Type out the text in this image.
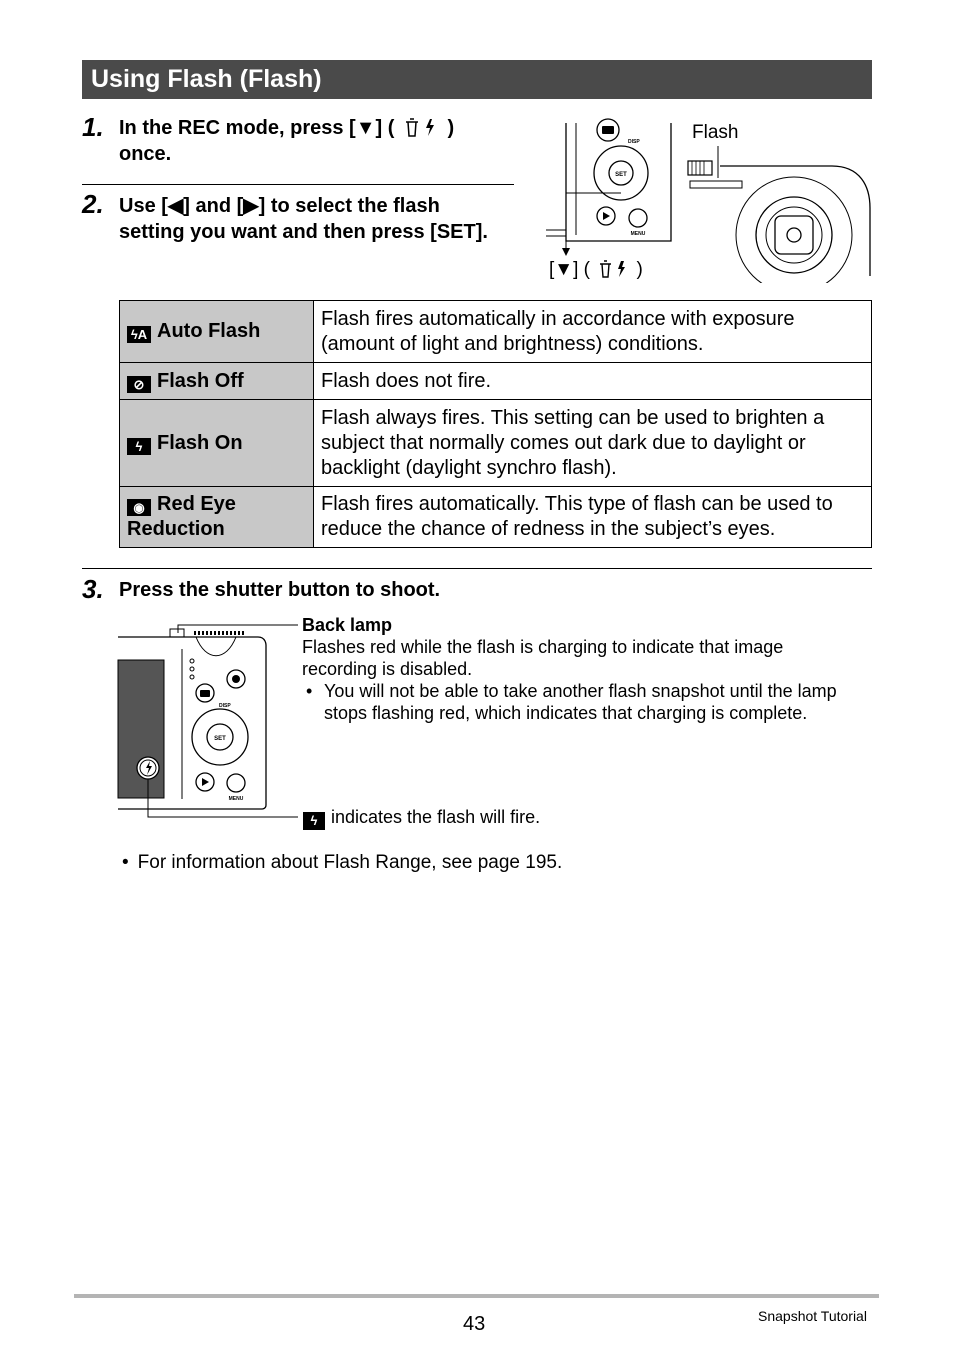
Using Flash (Flash)
1. In the REC mode, press [▼] (	) once.
2. Use [◀] and [▶] to select the flash setting you want and then press [SET].
SET
DISP
MENU
Flash
[▼] ( )
ϟA Auto Flash	Flash fires automatically in accordance with exposure (amount of light and brightness) conditions.
⊘ Flash Off	Flash does not fire.
ϟ Flash On	Flash always fires. This setting can be used to brighten a subject that normally comes out dark due to daylight or backlight (daylight synchro flash).
◉ Red Eye Reduction	Flash fires automatically. This type of flash can be used to reduce the chance of redness in the subject’s eyes.
3. Press the shutter button to shoot.
SET
DISP
MENU
Back lamp
Flashes red while the flash is charging to indicate that image recording is disabled.
• You will not be able to take another flash snapshot until the lamp stops flashing red, which indicates that charging is complete.
ϟ indicates the flash will fire.
• For information about Flash Range, see page 195.
43	Snapshot Tutorial
